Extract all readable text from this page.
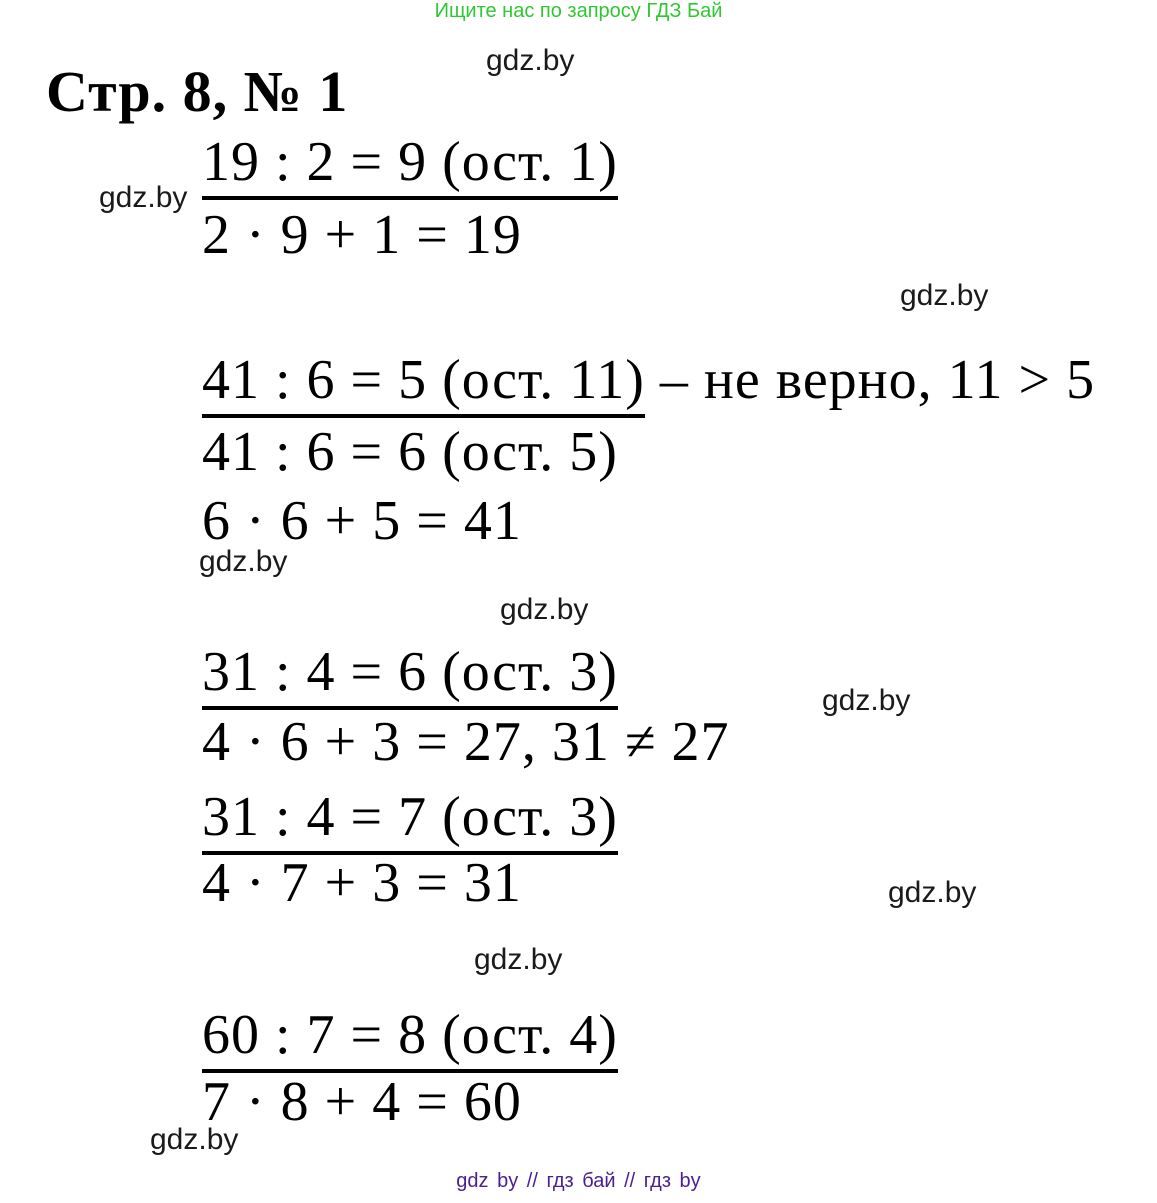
Ищите нас по запросу ГДЗ Бай
gdz.by
Стр. 8, № 1
19 : 2 = 9 (ост. 1)
gdz.by
2 · 9 + 1 = 19
gdz.by
41 : 6 = 5 (ост. 11) – не верно, 11 > 5
41 : 6 = 6 (ост. 5)
6 · 6 + 5 = 41
gdz.by
gdz.by
31 : 4 = 6 (ост. 3)	gdz.by
4 · 6 + 3 = 27, 31 ≠ 27
31 : 4 = 7 (ост. 3)
4 · 7 + 3 = 31	gdz.by
gdz.by
60 : 7 = 8 (ост. 4)
7 · 8 + 4 = 60
gdz.by
gdz by // гдз бай // гдз by
